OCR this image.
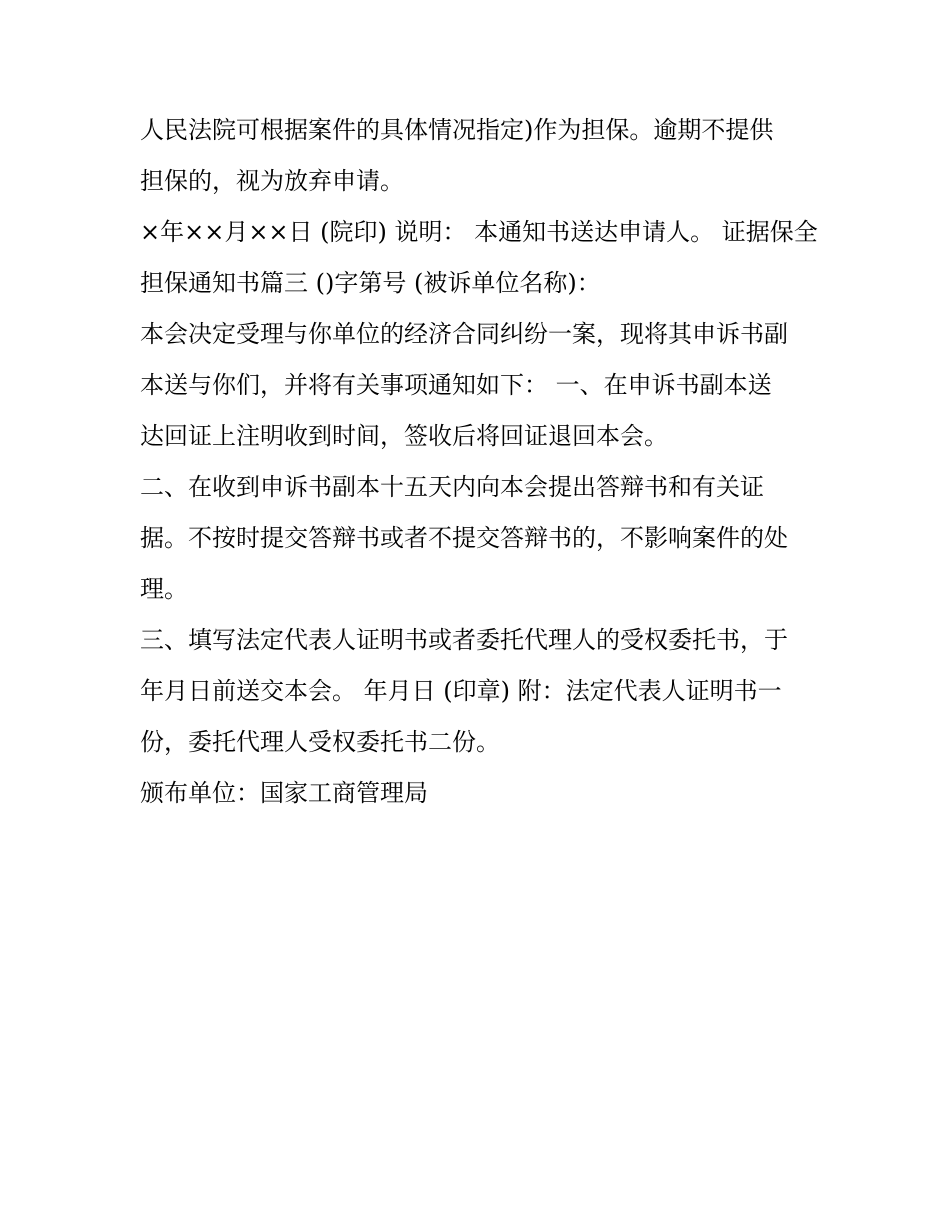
人民法院可根据案件的具体情况指定)作为担保。逾期不提供
担保的，视为放弃申请。
×年××月××日 (院印) 说明： 本通知书送达申请人。 证据保全
担保通知书篇三 ()字第号 (被诉单位名称)：
本会决定受理与你单位的经济合同纠纷一案，现将其申诉书副
本送与你们，并将有关事项通知如下： 一、在申诉书副本送
达回证上注明收到时间，签收后将回证退回本会。
二、在收到申诉书副本十五天内向本会提出答辩书和有关证
据。不按时提交答辩书或者不提交答辩书的，不影响案件的处
理。
三、填写法定代表人证明书或者委托代理人的受权委托书，于
年月日前送交本会。 年月日 (印章) 附：法定代表人证明书一
份，委托代理人受权委托书二份。
颁布单位：国家工商管理局
